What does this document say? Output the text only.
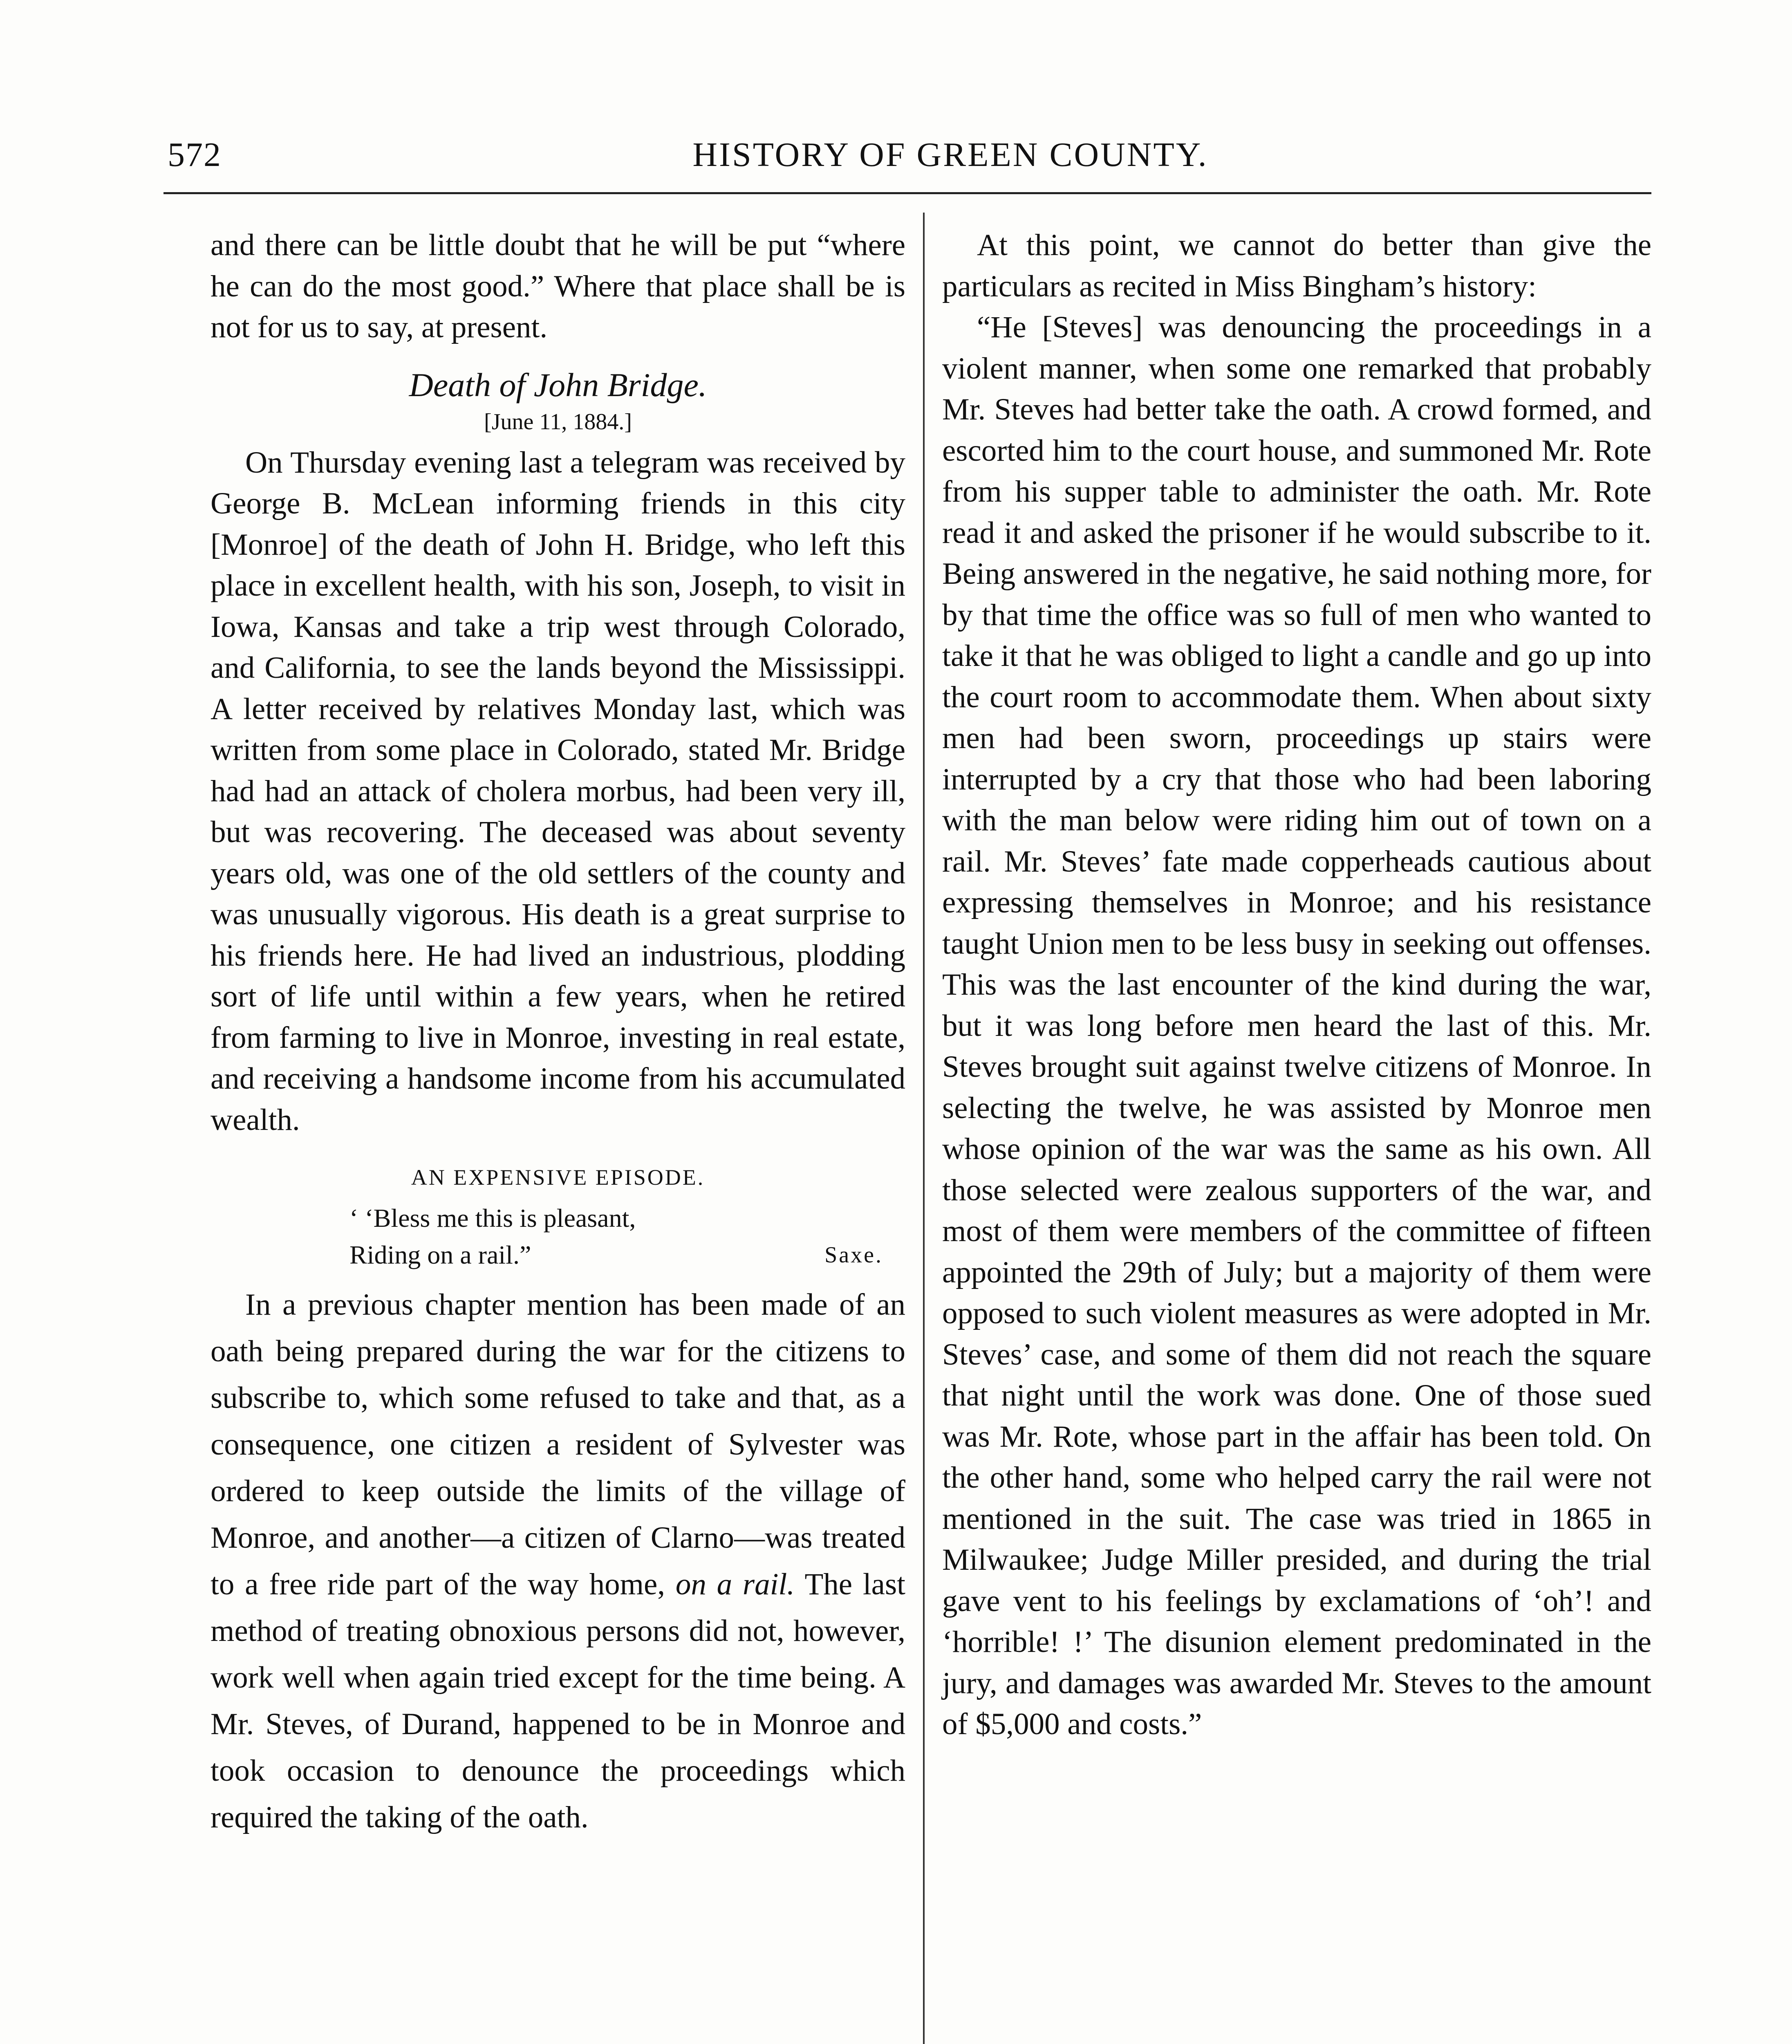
572	HISTORY OF GREEN COUNTY.

and there can be little doubt that he will be put “where he can do the most good.” Where that place shall be is not for us to say, at present.

Death of John Bridge.
[June 11, 1884.]

On Thursday evening last a telegram was received by George B. McLean informing friends in this city [Monroe] of the death of John H. Bridge, who left this place in excellent health, with his son, Joseph, to visit in Iowa, Kansas and take a trip west through Colorado, and California, to see the lands beyond the Mississippi. A letter received by relatives Monday last, which was written from some place in Colorado, stated Mr. Bridge had had an attack of cholera morbus, had been very ill, but was recovering. The deceased was about seventy years old, was one of the old settlers of the county and was unusually vigorous. His death is a great surprise to his friends here. He had lived an industrious, plodding sort of life until within a few years, when he retired from farming to live in Monroe, investing in real estate, and receiving a handsome income from his accumulated wealth.

AN EXPENSIVE EPISODE.
‘ ‘Bless me this is pleasant,
Riding on a rail.”	Saxe.

In a previous chapter mention has been made of an oath being prepared during the war for the citizens to subscribe to, which some refused to take and that, as a consequence, one citizen a resident of Sylvester was ordered to keep outside the limits of the village of Monroe, and another—a citizen of Clarno—was treated to a free ride part of the way home, on a rail. The last method of treating obnoxious persons did not, however, work well when again tried except for the time being. A Mr. Steves, of Durand, happened to be in Monroe and took occasion to denounce the proceedings which required the taking of the oath.

At this point, we cannot do better than give the particulars as recited in Miss Bingham’s history:

“He [Steves] was denouncing the proceedings in a violent manner, when some one remarked that probably Mr. Steves had better take the oath. A crowd formed, and escorted him to the court house, and summoned Mr. Rote from his supper table to administer the oath. Mr. Rote read it and asked the prisoner if he would subscribe to it. Being answered in the negative, he said nothing more, for by that time the office was so full of men who wanted to take it that he was obliged to light a candle and go up into the court room to accommodate them. When about sixty men had been sworn, proceedings up stairs were interrupted by a cry that those who had been laboring with the man below were riding him out of town on a rail. Mr. Steves’ fate made copperheads cautious about expressing themselves in Monroe; and his resistance taught Union men to be less busy in seeking out offenses. This was the last encounter of the kind during the war, but it was long before men heard the last of this. Mr. Steves brought suit against twelve citizens of Monroe. In selecting the twelve, he was assisted by Monroe men whose opinion of the war was the same as his own. All those selected were zealous supporters of the war, and most of them were members of the committee of fifteen appointed the 29th of July; but a majority of them were opposed to such violent measures as were adopted in Mr. Steves’ case, and some of them did not reach the square that night until the work was done. One of those sued was Mr. Rote, whose part in the affair has been told. On the other hand, some who helped carry the rail were not mentioned in the suit. The case was tried in 1865 in Milwaukee; Judge Miller presided, and during the trial gave vent to his feelings by exclamations of ‘oh’! and ‘horrible! !’ The disunion element predominated in the jury, and damages was awarded Mr. Steves to the amount of $5,000 and costs.”
